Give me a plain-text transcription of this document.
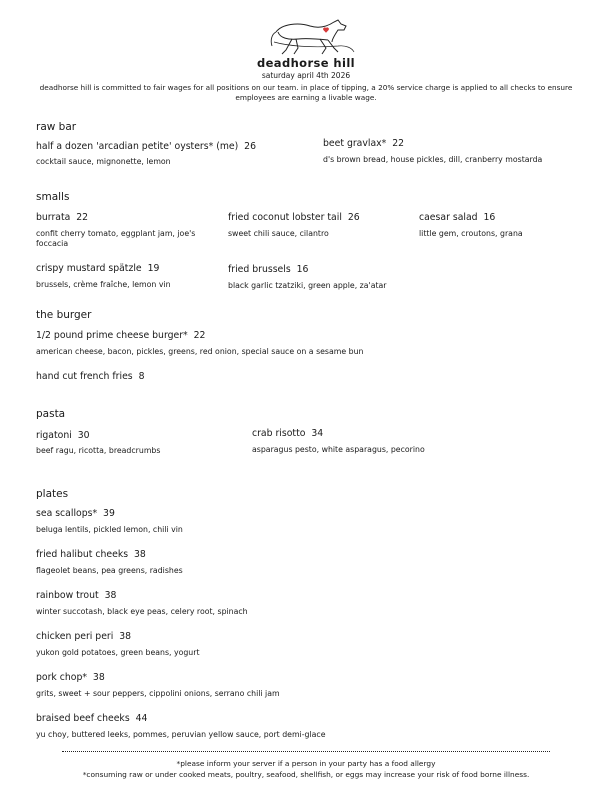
deadhorse hill
saturday april 4th 2026
deadhorse hill is committed to fair wages for all positions on our team. in place of tipping, a 20% service charge is applied to all checks to ensure employees are earning a livable wage.
raw bar
half a dozen 'arcadian petite' oysters* (me) 26
cocktail sauce, mignonette, lemon
beet gravlax* 22
d's brown bread, house pickles, dill, cranberry mostarda
smalls
burrata 22
confit cherry tomato, eggplant jam, joe's foccacia
fried coconut lobster tail 26
sweet chili sauce, cilantro
caesar salad 16
little gem, croutons, grana
crispy mustard spätzle 19
brussels, crème fraîche, lemon vin
fried brussels 16
black garlic tzatziki, green apple, za'atar
the burger
1/2 pound prime cheese burger* 22
american cheese, bacon, pickles, greens, red onion, special sauce on a sesame bun
hand cut french fries 8
pasta
rigatoni 30
beef ragu, ricotta, breadcrumbs
crab risotto 34
asparagus pesto, white asparagus, pecorino
plates
sea scallops* 39
beluga lentils, pickled lemon, chili vin
fried halibut cheeks 38
flageolet beans, pea greens, radishes
rainbow trout 38
winter succotash, black eye peas, celery root, spinach
chicken peri peri 38
yukon gold potatoes, green beans, yogurt
pork chop* 38
grits, sweet + sour peppers, cippolini onions, serrano chili jam
braised beef cheeks 44
yu choy, buttered leeks, pommes, peruvian yellow sauce, port demi-glace
*please inform your server if a person in your party has a food allergy
*consuming raw or under cooked meats, poultry, seafood, shellfish, or eggs may increase your risk of food borne illness.
